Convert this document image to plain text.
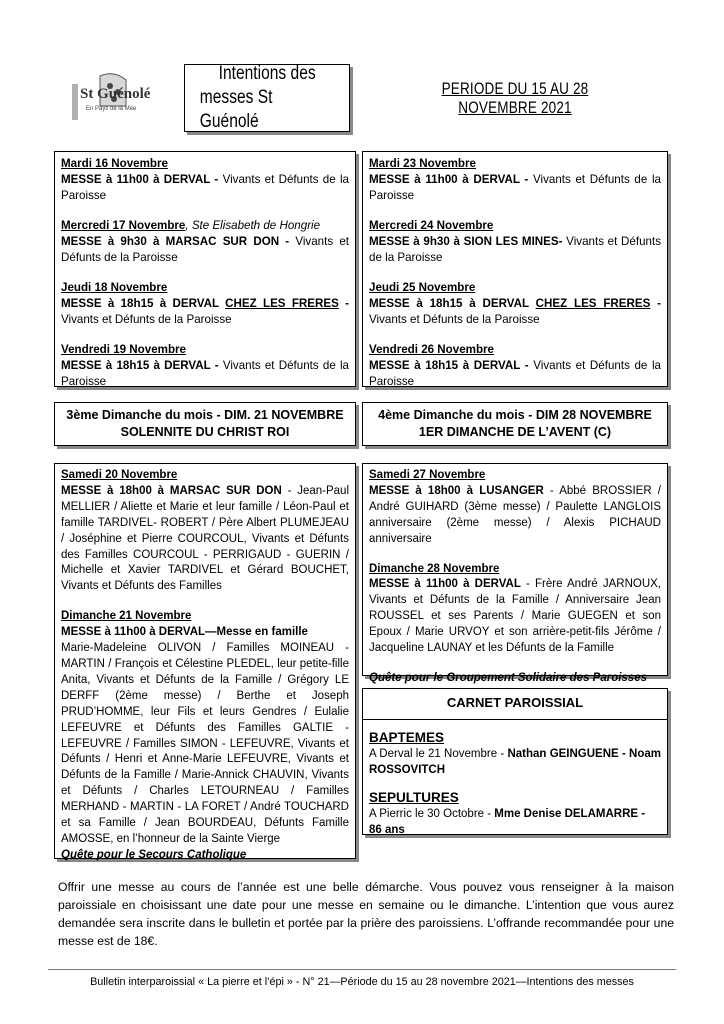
St Guénolé
En Pays de la Mée
Intentions des
messes St Guénolé
PERIODE DU 15 AU 28 NOVEMBRE 2021

Mardi 16 Novembre
MESSE à 11h00 à DERVAL - Vivants et Défunts de la Paroisse

Mercredi 17 Novembre, Ste Elisabeth de Hongrie
MESSE à 9h30 à MARSAC SUR DON - Vivants et Défunts de la Paroisse

Jeudi 18 Novembre
MESSE à 18h15 à DERVAL CHEZ LES FRERES - Vivants et Défunts de la Paroisse

Vendredi 19 Novembre
MESSE à 18h15 à DERVAL - Vivants et Défunts de la Paroisse

Mardi 23 Novembre
MESSE à 11h00 à DERVAL - Vivants et Défunts de la Paroisse

Mercredi 24 Novembre
MESSE à 9h30 à SION LES MINES- Vivants et Défunts de la Paroisse

Jeudi 25 Novembre
MESSE à 18h15 à DERVAL CHEZ LES FRERES - Vivants et Défunts de la Paroisse

Vendredi 26 Novembre
MESSE à 18h15 à DERVAL - Vivants et Défunts de la Paroisse

3ème Dimanche du mois - DIM. 21 NOVEMBRE
SOLENNITE DU CHRIST ROI
4ème Dimanche du mois - DIM 28 NOVEMBRE
1ER DIMANCHE DE L’AVENT (C)
Samedi 20 Novembre
MESSE à 18h00 à MARSAC SUR DON - Jean-Paul MELLIER / Aliette et Marie et leur famille / Léon-Paul et famille TARDIVEL- ROBERT / Père Albert PLUMEJEAU / Joséphine et Pierre COURCOUL, Vivants et Défunts des Familles COURCOUL - PERRIGAUD - GUERIN / Michelle et Xavier TARDIVEL et Gérard BOUCHET, Vivants et Défunts des Familles
Dimanche 21 Novembre
MESSE à 11h00 à DERVAL—Messe en famille
Marie-Madeleine OLIVON / Familles MOINEAU - MARTIN / François et Célestine PLEDEL, leur petite-fille Anita, Vivants et Défunts de la Famille / Grégory LE DERFF (2ème messe) / Berthe et Joseph PRUD’HOMME, leur Fils et leurs Gendres / Eulalie LEFEUVRE et Défunts des Familles GALTIE - LEFEUVRE / Familles SIMON - LEFEUVRE, Vivants et Défunts / Henri et Anne-Marie LEFEUVRE, Vivants et Défunts de la Famille / Marie-Annick CHAUVIN, Vivants et Défunts / Charles LETOURNEAU / Familles MERHAND - MARTIN - LA FORET / André TOUCHARD et sa Famille / Jean BOURDEAU, Défunts Famille AMOSSE, en l’honneur de la Sainte Vierge
Quête pour le Secours Catholique
Samedi 27 Novembre
MESSE à 18h00 à LUSANGER - Abbé BROSSIER / André GUIHARD (3ème messe) / Paulette LANGLOIS anniversaire (2ème messe) / Alexis PICHAUD anniversaire
Dimanche 28 Novembre
MESSE à 11h00 à DERVAL - Frère André JARNOUX, Vivants et Défunts de la Famille / Anniversaire Jean ROUSSEL et ses Parents / Marie GUEGEN et son Epoux / Marie URVOY et son arrière-petit-fils Jérôme / Jacqueline LAUNAY et les Défunts de la Famille
Quête pour le Groupement Solidaire des Paroisses
CARNET PAROISSIAL
BAPTEMES
A Derval le 21 Novembre - Nathan GEINGUENE - Noam ROSSOVITCH
SEPULTURES
A Pierric le 30 Octobre - Mme Denise DELAMARRE - 86 ans
Offrir une messe au cours de l’année est une belle démarche. Vous pouvez vous renseigner à la maison paroissiale en choisissant une date pour une messe en semaine ou le dimanche. L’intention que vous aurez demandée sera inscrite dans le bulletin et portée par la prière des paroissiens. L’offrande recommandée pour une messe est de 18€.
Bulletin interparoissial « La pierre et l’épi » - N° 21—Période du 15 au 28 novembre 2021—Intentions des messes
